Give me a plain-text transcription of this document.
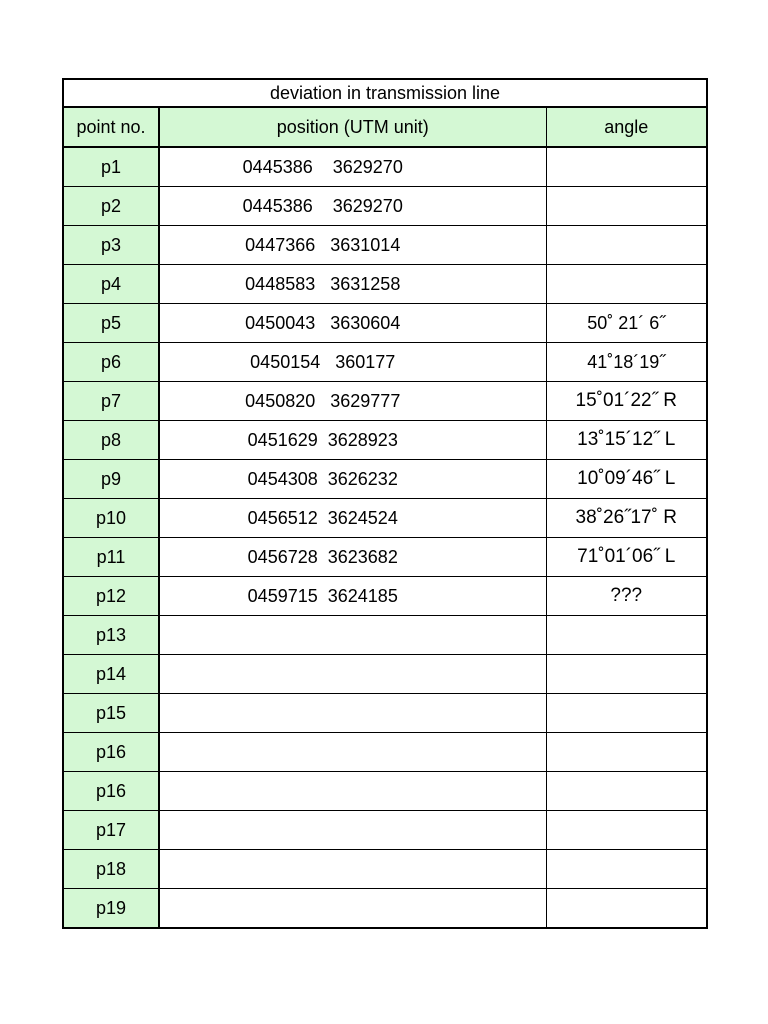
deviation in transmission line		
point no.	position (UTM unit)	angle
p1	0445386    3629270	
p2	0445386    3629270	
p3	0447366   3631014	
p4	0448583   3631258	
p5	0450043   3630604	50˚ 21´ 6˝
p6	0450154   360177	41˚18´19˝
p7	0450820   3629777	15˚01´22˝ R
p8	0451629  3628923	13˚15´12˝ L
p9	0454308  3626232	10˚09´46˝ L
p10	0456512  3624524	38˚26˝17˚ R
p11	0456728  3623682	71˚01´06˝ L
p12	0459715  3624185	???
p13		
p14		
p15		
p16		
p16		
p17		
p18		
p19		
